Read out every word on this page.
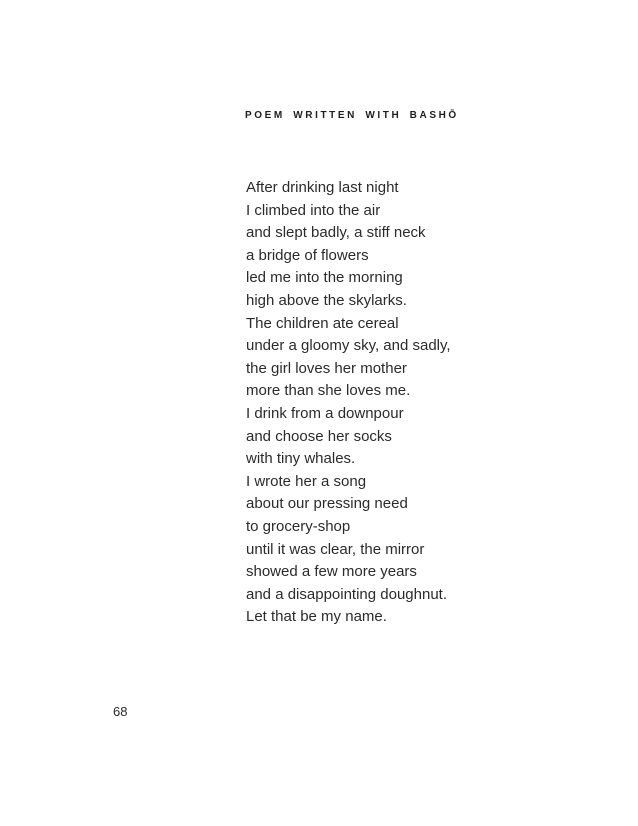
POEM WRITTEN WITH BASHŌ
After drinking last night
I climbed into the air
and slept badly, a stiff neck
a bridge of flowers
led me into the morning
high above the skylarks.
The children ate cereal
under a gloomy sky, and sadly,
the girl loves her mother
more than she loves me.
I drink from a downpour
and choose her socks
with tiny whales.
I wrote her a song
about our pressing need
to grocery-shop
until it was clear, the mirror
showed a few more years
and a disappointing doughnut.
Let that be my name.
68
